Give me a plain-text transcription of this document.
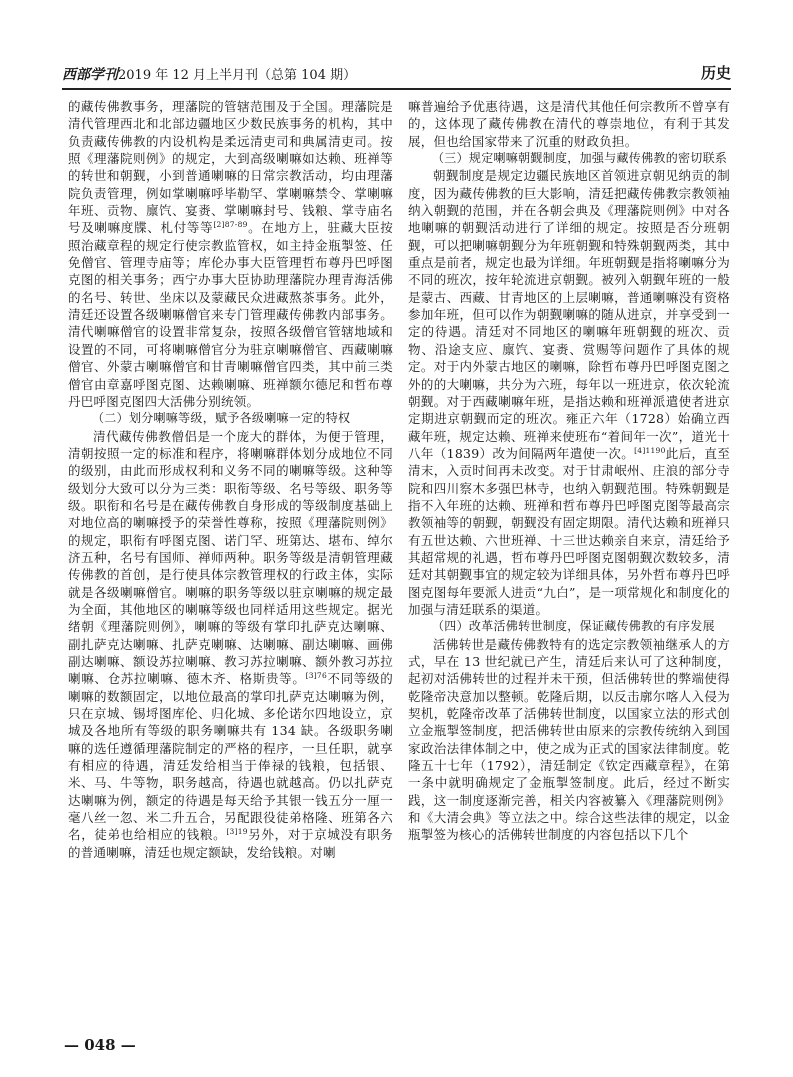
西部学刊2019 年 12 月上半月刊（总第 104 期）	历史

的藏传佛教事务，理藩院的管辖范围及于全国。理藩院是清代管理西北和北部边疆地区少数民族事务的机构，其中负责藏传佛教的内设机构是柔远清吏司和典属清吏司。按照《理藩院则例》的规定，大到高级喇嘛如达赖、班禅等的转世和朝觐，小到普通喇嘛的日常宗教活动，均由理藩院负责管理，例如掌喇嘛呼毕勒罕、掌喇嘛禁令、掌喇嘛年班、贡物、廪饩、宴赉、掌喇嘛封号、钱粮、掌寺庙名号及喇嘛度牒、札付等等$^{[2]87-89}$。在地方上，驻藏大臣按照治藏章程的规定行使宗教监管权，如主持金瓶掣签、任免僧官、管理寺庙等；库伦办事大臣管理哲布尊丹巴呼图克图的相关事务；西宁办事大臣协助理藩院办理青海活佛的名号、转世、坐床以及蒙藏民众进藏熬茶事务。此外，清廷还设置各级喇嘛僧官来专门管理藏传佛教内部事务。清代喇嘛僧官的设置非常复杂，按照各级僧官管辖地域和设置的不同，可将喇嘛僧官分为驻京喇嘛僧官、西藏喇嘛僧官、外蒙古喇嘛僧官和甘青喇嘛僧官四类，其中前三类僧官由章嘉呼图克图、达赖喇嘛、班禅额尔德尼和哲布尊丹巴呼图克图四大活佛分别统领。

（二）划分喇嘛等级，赋予各级喇嘛一定的特权

清代藏传佛教僧侣是一个庞大的群体，为便于管理，清朝按照一定的标准和程序，将喇嘛群体划分成地位不同的级别，由此而形成权利和义务不同的喇嘛等级。这种等级划分大致可以分为三类：职衔等级、名号等级、职务等级。职衔和名号是在藏传佛教自身形成的等级制度基础上对地位高的喇嘛授予的荣誉性尊称，按照《理藩院则例》的规定，职衔有呼图克图、诺门罕、班第达、堪布、绰尔济五种，名号有国师、禅师两种。职务等级是清朝管理藏传佛教的首创，是行使具体宗教管理权的行政主体，实际就是各级喇嘛僧官。喇嘛的职务等级以驻京喇嘛的规定最为全面，其他地区的喇嘛等级也同样适用这些规定。据光绪朝《理藩院则例》，喇嘛的等级有掌印扎萨克达喇嘛、副扎萨克达喇嘛、扎萨克喇嘛、达喇嘛、副达喇嘛、画佛副达喇嘛、额设苏拉喇嘛、教习苏拉喇嘛、额外教习苏拉喇嘛、仓苏拉喇嘛、德木齐、格斯贵等。$^{[3]76}$不同等级的喇嘛的数额固定，以地位最高的掌印扎萨克达喇嘛为例，只在京城、锡埒图库伦、归化城、多伦诺尔四地设立，京城及各地所有等级的职务喇嘛共有 134 缺。各级职务喇嘛的选任遵循理藩院制定的严格的程序，一旦任职，就享有相应的待遇，清廷发给相当于俸禄的钱粮，包括银、米、马、牛等物，职务越高，待遇也就越高。仍以扎萨克达喇嘛为例，额定的待遇是每天给予其银一钱五分一厘一毫八丝一忽、米二升五合，另配跟役徒弟格隆、班第各六名，徒弟也给相应的钱粮。$^{[3]19}$另外，对于京城没有职务的普通喇嘛，清廷也规定额缺，发给钱粮。对喇

嘛普遍给予优惠待遇，这是清代其他任何宗教所不曾享有的，这体现了藏传佛教在清代的尊崇地位，有利于其发展，但也给国家带来了沉重的财政负担。

（三）规定喇嘛朝觐制度，加强与藏传佛教的密切联系

朝觐制度是规定边疆民族地区首领进京朝见纳贡的制度，因为藏传佛教的巨大影响，清廷把藏传佛教宗教领袖纳入朝觐的范围，并在各朝会典及《理藩院则例》中对各地喇嘛的朝觐活动进行了详细的规定。按照是否分班朝觐，可以把喇嘛朝觐分为年班朝觐和特殊朝觐两类，其中重点是前者，规定也最为详细。年班朝觐是指将喇嘛分为不同的班次，按年轮流进京朝觐。被列入朝觐年班的一般是蒙古、西藏、甘青地区的上层喇嘛，普通喇嘛没有资格参加年班，但可以作为朝觐喇嘛的随从进京，并享受到一定的待遇。清廷对不同地区的喇嘛年班朝觐的班次、贡物、沿途支应、廪饩、宴赉、赏赐等问题作了具体的规定。对于内外蒙古地区的喇嘛，除哲布尊丹巴呼图克图之外的的大喇嘛，共分为六班，每年以一班进京，依次轮流朝觐。对于西藏喇嘛年班，是指达赖和班禅派遣使者进京定期进京朝觐而定的班次。雍正六年（1728）始确立西藏年班，规定达赖、班禅来使班布“着间年一次”，道光十八年（1839）改为间隔两年遣使一次。$^{[4]1190}$此后，直至清末，入贡时间再未改变。对于甘肃岷州、庄浪的部分寺院和四川察木多强巴林寺，也纳入朝觐范围。特殊朝觐是指不入年班的达赖、班禅和哲布尊丹巴呼图克图等最高宗教领袖等的朝觐，朝觐没有固定期限。清代达赖和班禅只有五世达赖、六世班禅、十三世达赖亲自来京，清廷给予其超常规的礼遇，哲布尊丹巴呼图克图朝觐次数较多，清廷对其朝觐事宜的规定较为详细具体，另外哲布尊丹巴呼图克图每年要派人进贡“九白”，是一项常规化和制度化的加强与清廷联系的渠道。

（四）改革活佛转世制度，保证藏传佛教的有序发展

活佛转世是藏传佛教特有的选定宗教领袖继承人的方式，早在 13 世纪就已产生，清廷后来认可了这种制度，起初对活佛转世的过程并未干预，但活佛转世的弊端使得乾隆帝决意加以整顿。乾隆后期，以反击廓尔喀人入侵为契机，乾隆帝改革了活佛转世制度，以国家立法的形式创立金瓶掣签制度，把活佛转世由原来的宗教传统纳入到国家政治法律体制之中，使之成为正式的国家法律制度。乾隆五十七年（1792），清廷制定《钦定西藏章程》，在第一条中就明确规定了金瓶掣签制度。此后，经过不断实践，这一制度逐渐完善，相关内容被纂入《理藩院则例》和《大清会典》等立法之中。综合这些法律的规定，以金瓶掣签为核心的活佛转世制度的内容包括以下几个

— 048 —
